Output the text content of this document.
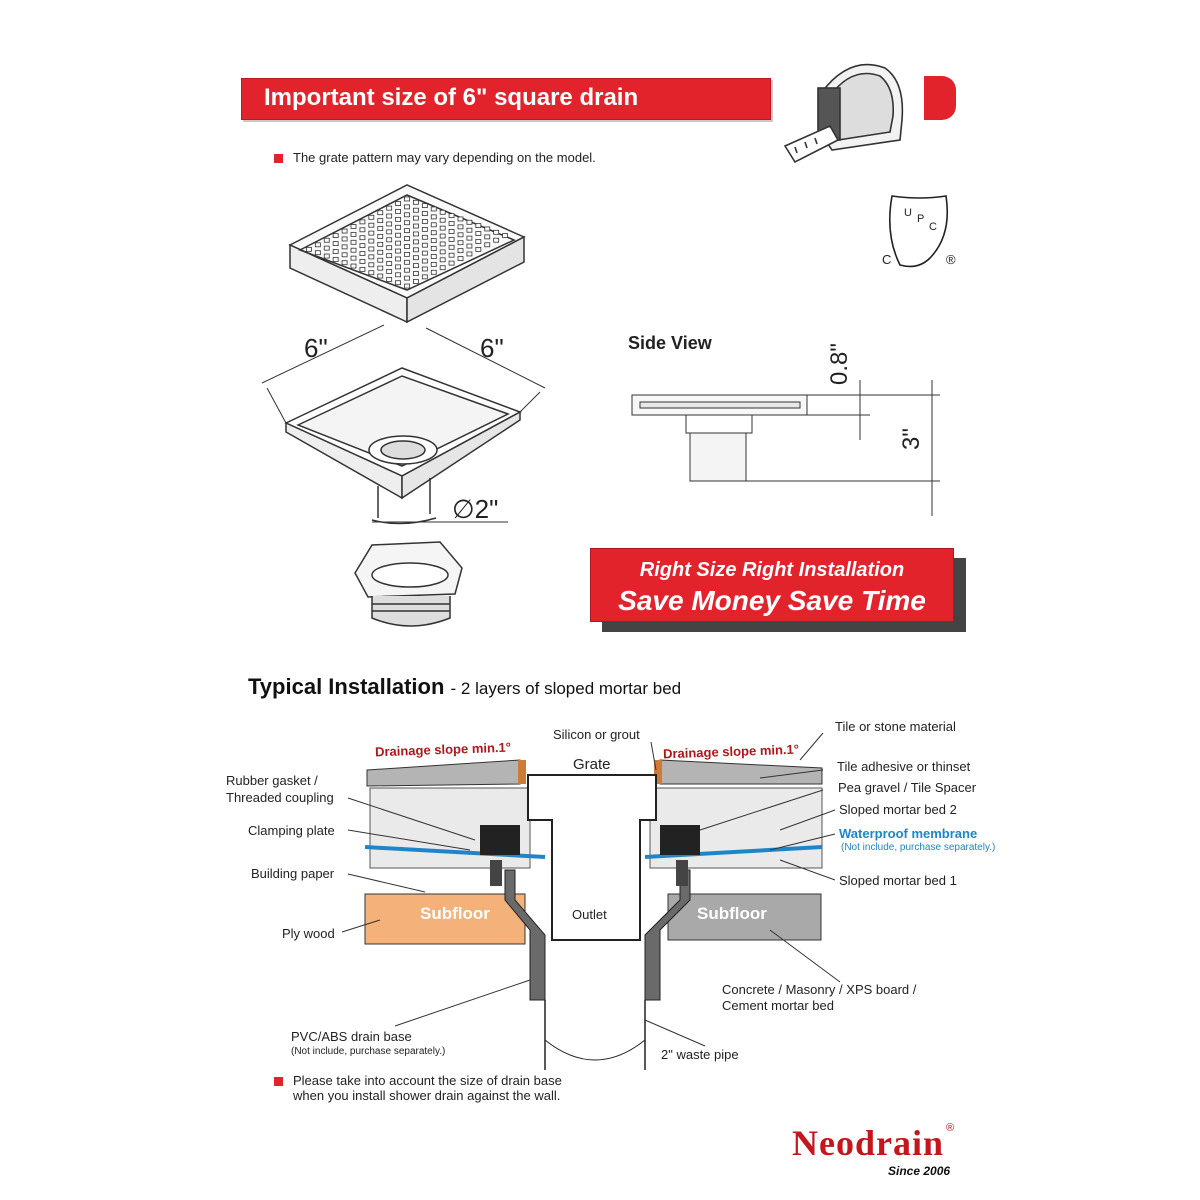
Important size of 6" square drain
The grate pattern may vary depending on the model.
U P
C
C	®
6"	6"
∅2"
Side View
0.8"
3"
Right Size Right Installation
Save Money Save Time
Typical Installation - 2 layers of sloped mortar bed
Silicon or grout
Grate
Drainage slope min.1°	Drainage slope min.1°
Tile or stone material
Tile adhesive or thinset
Pea gravel / Tile Spacer
Sloped mortar bed 2
Waterproof membrane
(Not include, purchase separately.)
Sloped mortar bed 1
Rubber gasket /
Threaded coupling
Clamping plate
Building paper
Ply wood
Subfloor	Subfloor
Outlet
Concrete / Masonry / XPS board /
Cement mortar bed
PVC/ABS drain base
(Not include, purchase separately.)	2" waste pipe
Please take into account the size of drain base
when you install shower drain against the wall.
Neodrain ®
Since 2006
